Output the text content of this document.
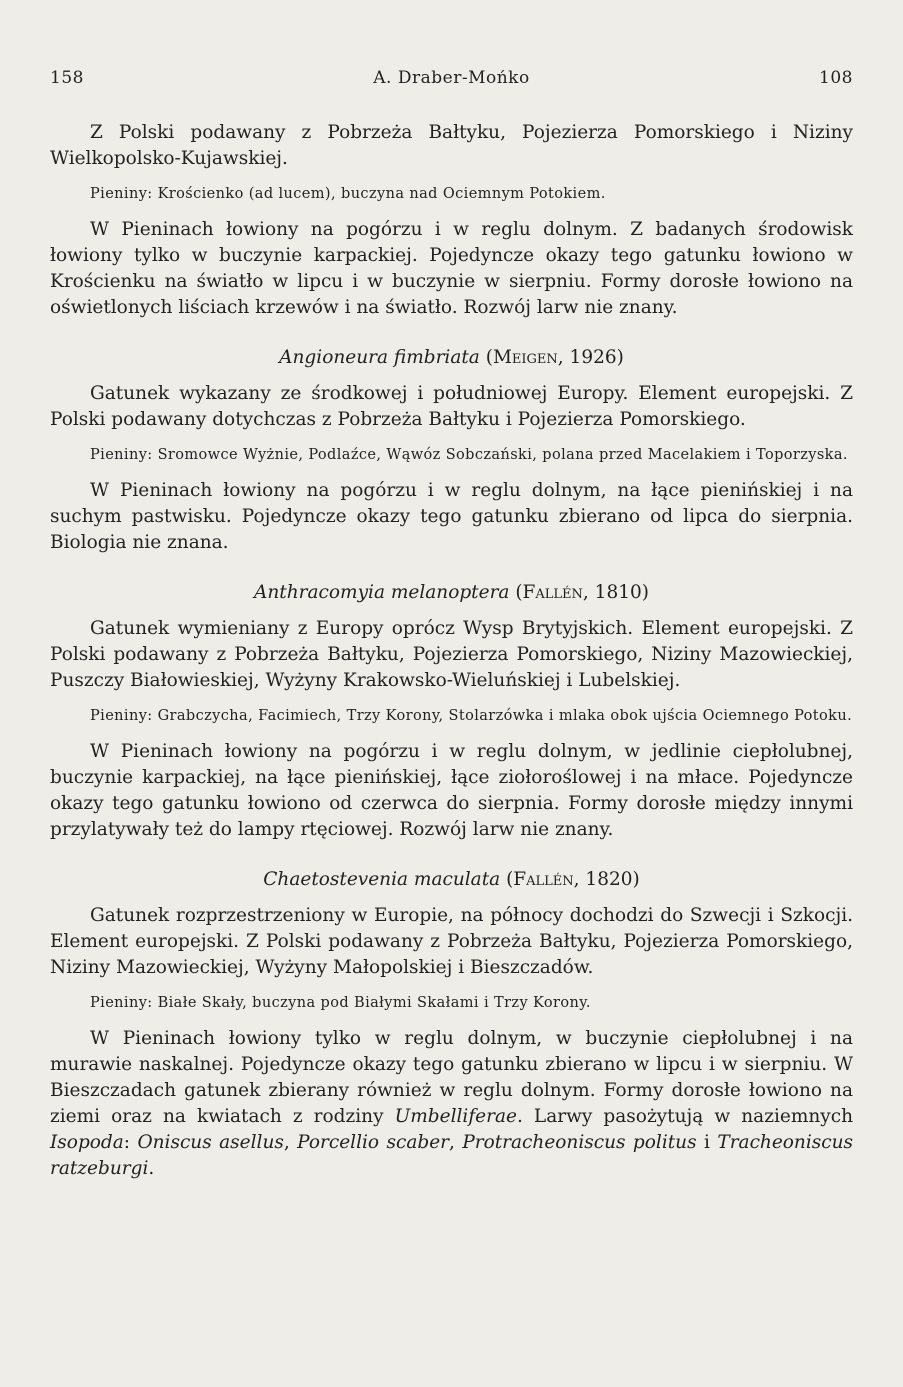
158	A. Draber-Mońko	108

Z Polski podawany z Pobrzeża Bałtyku, Pojezierza Pomorskiego i Niziny Wielkopolsko-Kujawskiej.

Pieniny: Krościenko (ad lucem), buczyna nad Ociemnym Potokiem.

W Pieninach łowiony na pogórzu i w reglu dolnym. Z badanych środowisk łowiony tylko w buczynie karpackiej. Pojedyncze okazy tego gatunku łowiono w Krościenku na światło w lipcu i w buczynie w sierpniu. Formy dorosłe łowiono na oświetlonych liściach krzewów i na światło. Rozwój larw nie znany.

Angioneura fimbriata (Meigen, 1926)

Gatunek wykazany ze środkowej i południowej Europy. Element europejski. Z Polski podawany dotychczas z Pobrzeża Bałtyku i Pojezierza Pomorskiego.

Pieniny: Sromowce Wyżnie, Podlaźce, Wąwóz Sobczański, polana przed Macelakiem i Toporzyska.

W Pieninach łowiony na pogórzu i w reglu dolnym, na łące pienińskiej i na suchym pastwisku. Pojedyncze okazy tego gatunku zbierano od lipca do sierpnia. Biologia nie znana.

Anthracomyia melanoptera (Fallén, 1810)

Gatunek wymieniany z Europy oprócz Wysp Brytyjskich. Element europejski. Z Polski podawany z Pobrzeża Bałtyku, Pojezierza Pomorskiego, Niziny Mazowieckiej, Puszczy Białowieskiej, Wyżyny Krakowsko-Wieluńskiej i Lubelskiej.

Pieniny: Grabczycha, Facimiech, Trzy Korony, Stolarzówka i mlaka obok ujścia Ociemnego Potoku.

W Pieninach łowiony na pogórzu i w reglu dolnym, w jedlinie ciepłolubnej, buczynie karpackiej, na łące pienińskiej, łące ziołoroślowej i na młace. Pojedyncze okazy tego gatunku łowiono od czerwca do sierpnia. Formy dorosłe między innymi przylatywały też do lampy rtęciowej. Rozwój larw nie znany.

Chaetostevenia maculata (Fallén, 1820)

Gatunek rozprzestrzeniony w Europie, na północy dochodzi do Szwecji i Szkocji. Element europejski. Z Polski podawany z Pobrzeża Bałtyku, Pojezierza Pomorskiego, Niziny Mazowieckiej, Wyżyny Małopolskiej i Bieszczadów.

Pieniny: Białe Skały, buczyna pod Białymi Skałami i Trzy Korony.

W Pieninach łowiony tylko w reglu dolnym, w buczynie ciepłolubnej i na murawie naskalnej. Pojedyncze okazy tego gatunku zbierano w lipcu i w sierpniu. W Bieszczadach gatunek zbierany również w reglu dolnym. Formy dorosłe łowiono na ziemi oraz na kwiatach z rodziny Umbelliferae. Larwy pasożytują w naziemnych Isopoda: Oniscus asellus, Porcellio scaber, Protracheoniscus politus i Tracheoniscus ratzeburgi.
